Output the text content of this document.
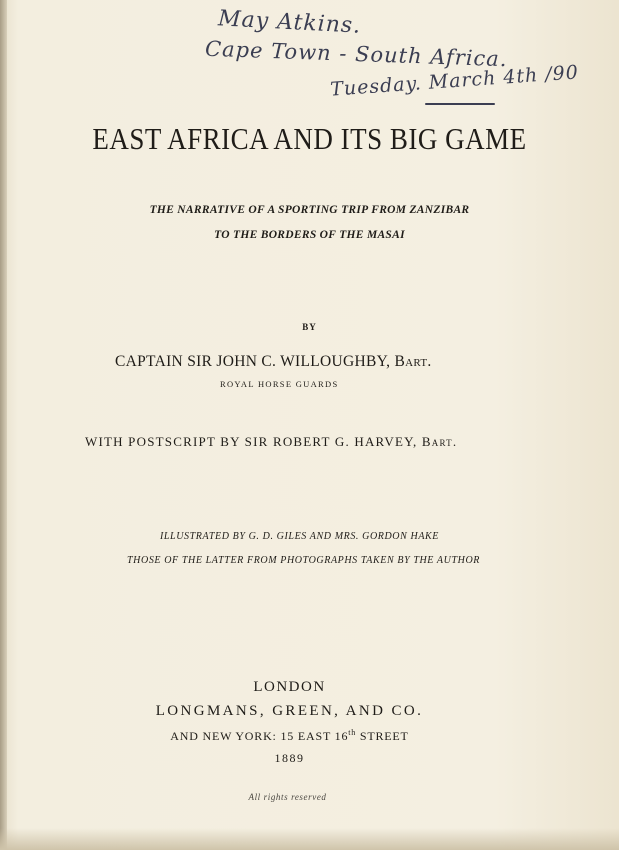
May Atkins.
Cape Town - South Africa.
Tuesday. March 4th /90
EAST AFRICA AND ITS BIG GAME
THE NARRATIVE OF A SPORTING TRIP FROM ZANZIBAR
TO THE BORDERS OF THE MASAI
BY
CAPTAIN SIR JOHN C. WILLOUGHBY, Bart.
ROYAL HORSE GUARDS
WITH POSTSCRIPT BY SIR ROBERT G. HARVEY, Bart.
ILLUSTRATED BY G. D. GILES AND MRS. GORDON HAKE
THOSE OF THE LATTER FROM PHOTOGRAPHS TAKEN BY THE AUTHOR
LONDON
LONGMANS, GREEN, AND CO.
AND NEW YORK: 15 EAST 16th STREET
1889
All rights reserved
